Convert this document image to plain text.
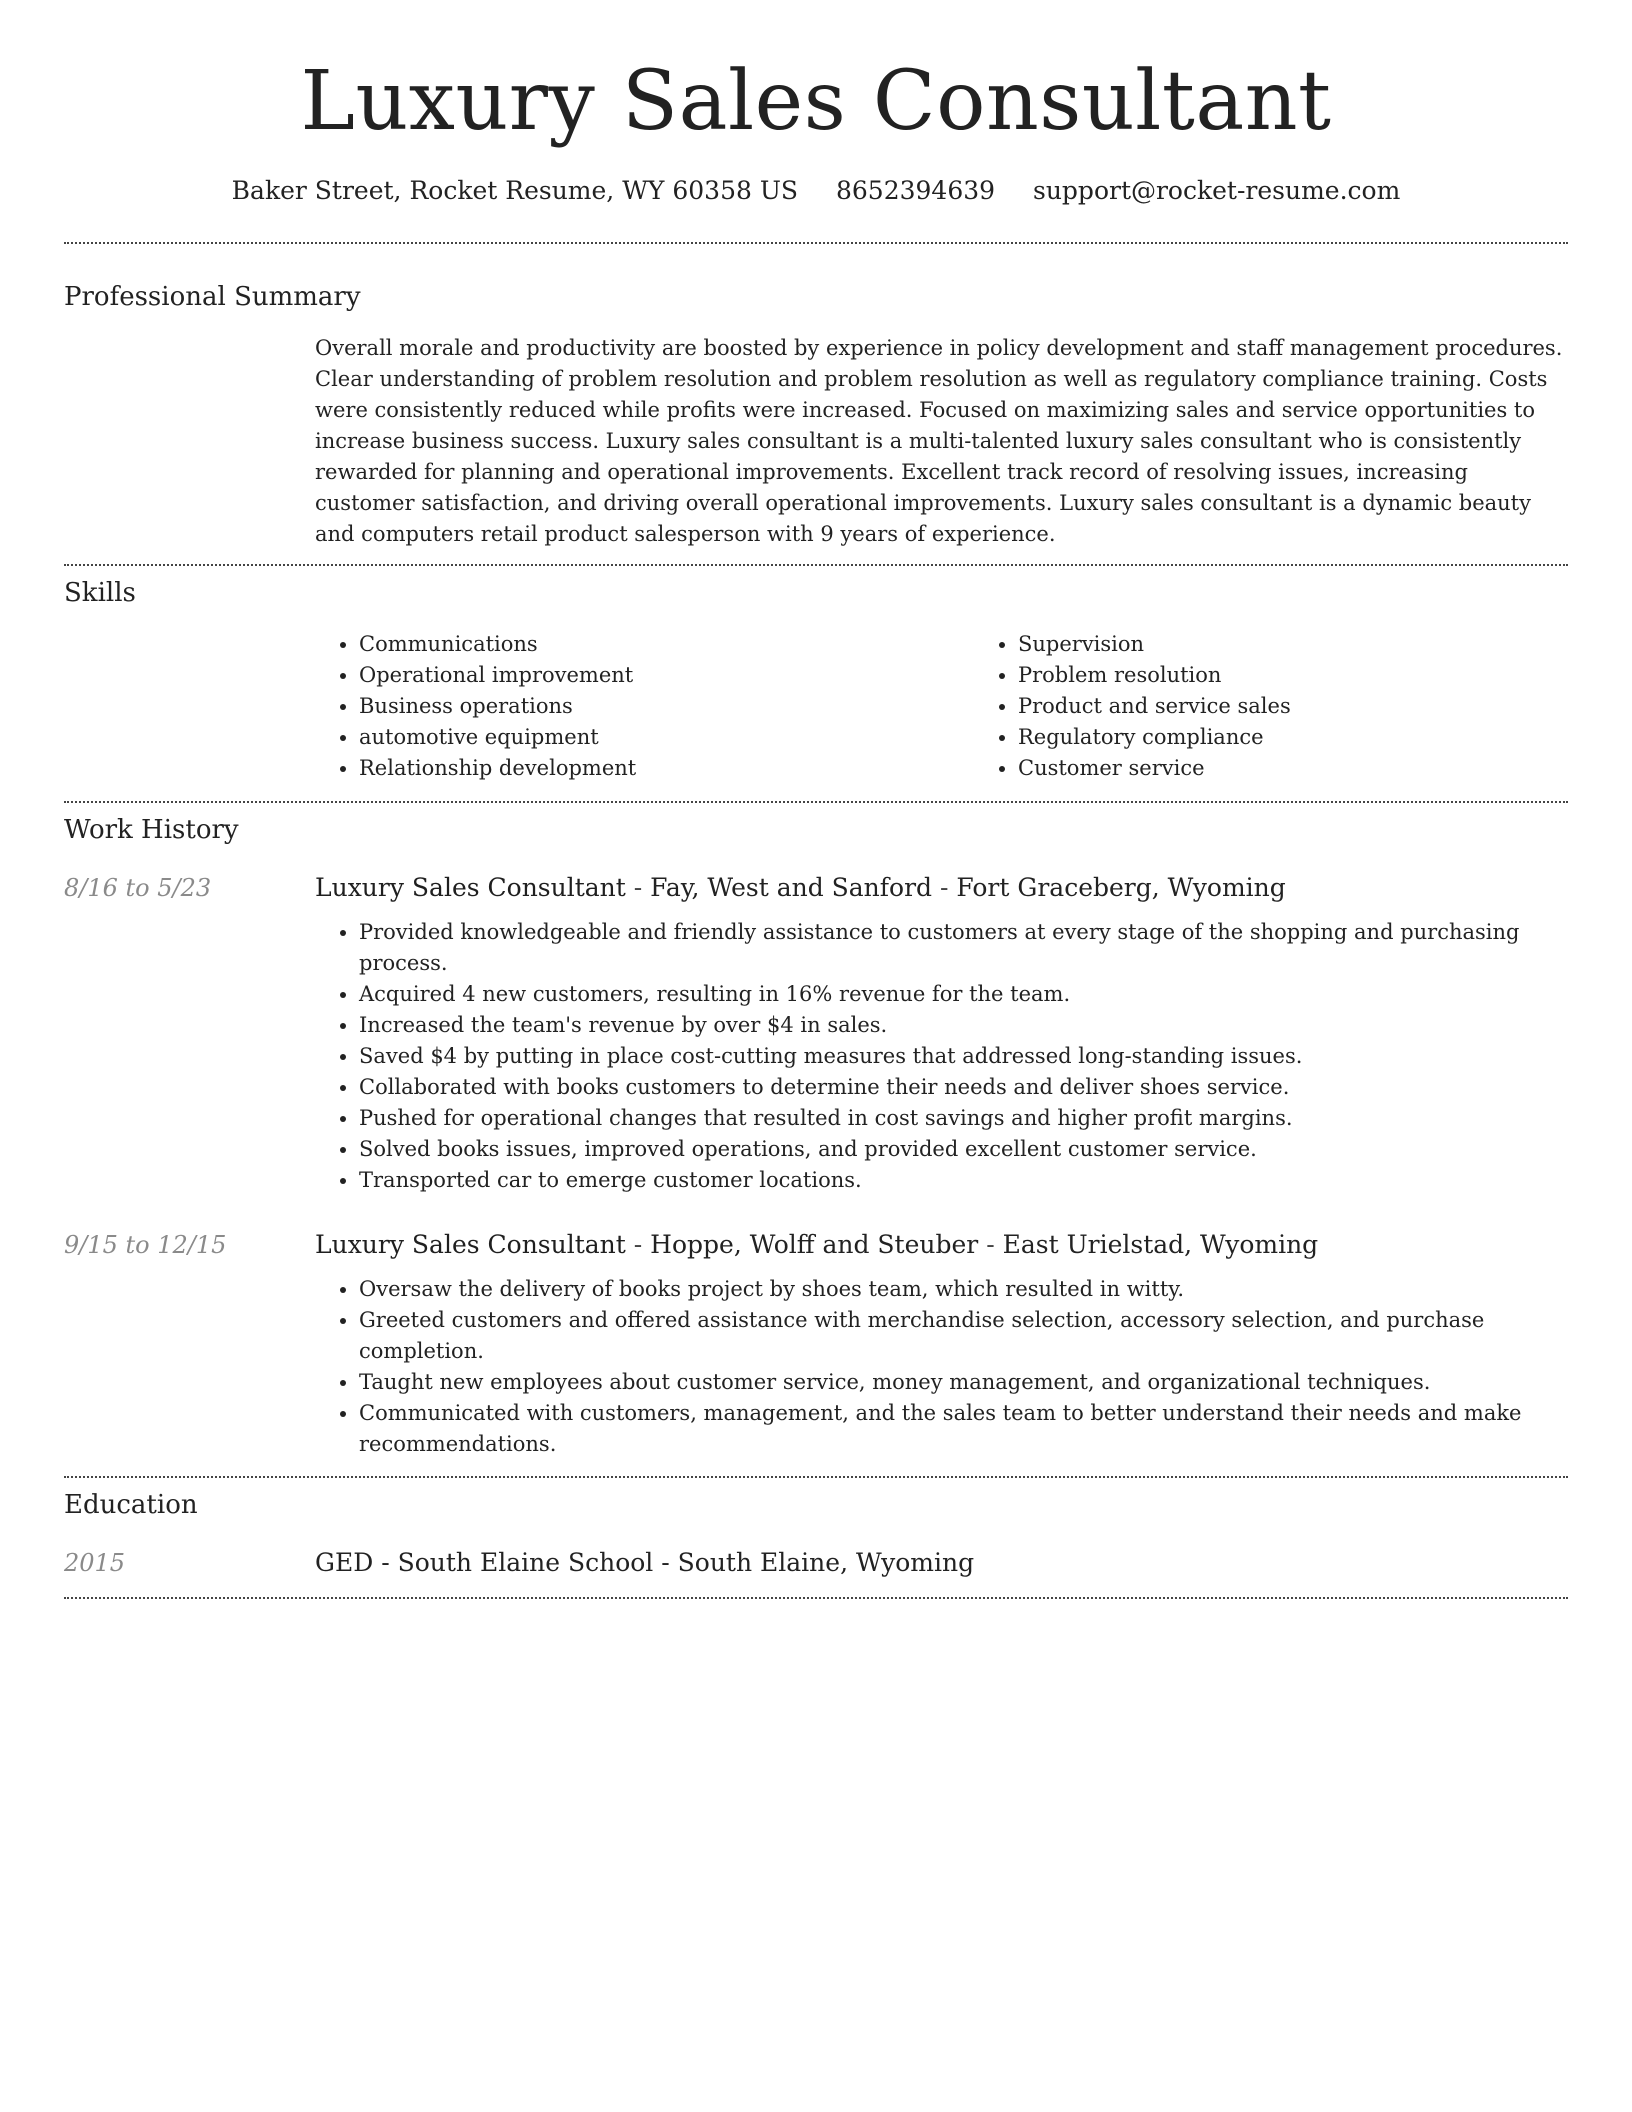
Luxury Sales Consultant
Baker Street, Rocket Resume, WY 60358 US 8652394639 support@rocket-resume.com
Professional Summary

Overall morale and productivity are boosted by experience in policy development and staff management procedures. Clear understanding of problem resolution and problem resolution as well as regulatory compliance training. Costs were consistently reduced while profits were increased. Focused on maximizing sales and service opportunities to increase business success. Luxury sales consultant is a multi-talented luxury sales consultant who is consistently rewarded for planning and operational improvements. Excellent track record of resolving issues, increasing customer satisfaction, and driving overall operational improvements. Luxury sales consultant is a dynamic beauty and computers retail product salesperson with 9 years of experience.

Skills
• Communications
• Operational improvement
• Business operations
• automotive equipment
• Relationship development
• Supervision
• Problem resolution
• Product and service sales
• Regulatory compliance
• Customer service
Work History
8/16 to 5/23	Luxury Sales Consultant - Fay, West and Sanford - Fort Graceberg, Wyoming
• Provided knowledgeable and friendly assistance to customers at every stage of the shopping and purchasing process.
• Acquired 4 new customers, resulting in 16% revenue for the team.
• Increased the team's revenue by over $4 in sales.
• Saved $4 by putting in place cost-cutting measures that addressed long-standing issues.
• Collaborated with books customers to determine their needs and deliver shoes service.
• Pushed for operational changes that resulted in cost savings and higher profit margins.
• Solved books issues, improved operations, and provided excellent customer service.
• Transported car to emerge customer locations.
9/15 to 12/15	Luxury Sales Consultant - Hoppe, Wolff and Steuber - East Urielstad, Wyoming
• Oversaw the delivery of books project by shoes team, which resulted in witty.
• Greeted customers and offered assistance with merchandise selection, accessory selection, and purchase completion.
• Taught new employees about customer service, money management, and organizational techniques.
• Communicated with customers, management, and the sales team to better understand their needs and make recommendations.
Education
2015	GED - South Elaine School - South Elaine, Wyoming
